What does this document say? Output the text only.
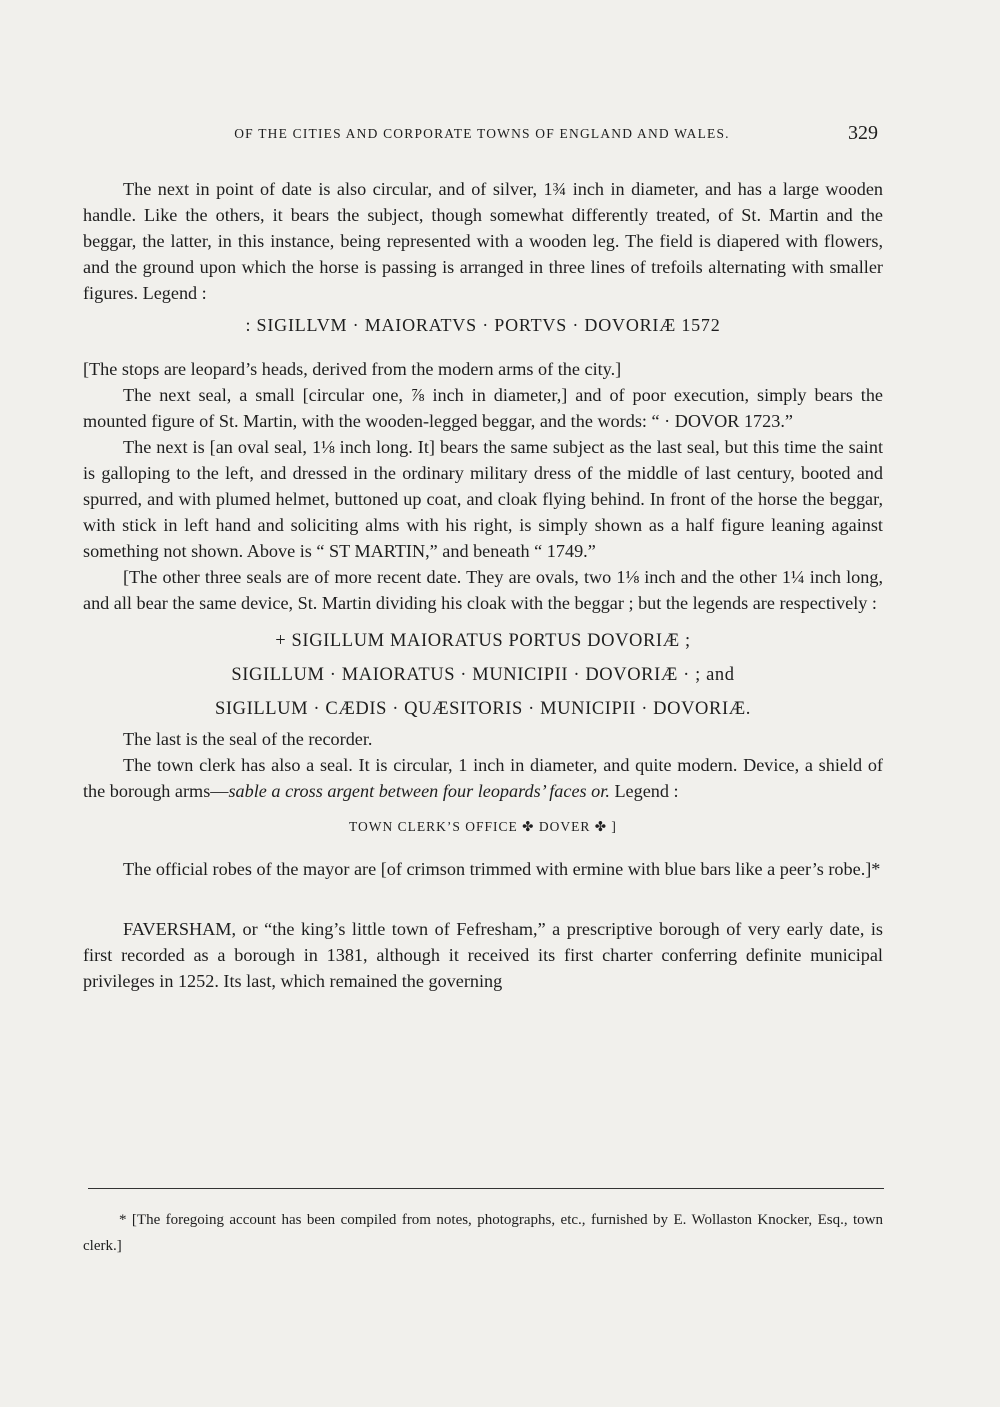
OF THE CITIES AND CORPORATE TOWNS OF ENGLAND AND WALES.	329

The next in point of date is also circular, and of silver, 1¾ inch in diameter, and has a large wooden handle. Like the others, it bears the subject, though somewhat differently treated, of St. Martin and the beggar, the latter, in this instance, being represented with a wooden leg. The field is diapered with flowers, and the ground upon which the horse is passing is arranged in three lines of trefoils alternating with smaller figures. Legend :

: SIGILLVM · MAIORATVS · PORTVS · DOVORIÆ 1572

[The stops are leopard’s heads, derived from the modern arms of the city.]

The next seal, a small [circular one, ⅞ inch in diameter,] and of poor execution, simply bears the mounted figure of St. Martin, with the wooden-legged beggar, and the words: “ · DOVOR 1723.”

The next is [an oval seal, 1⅛ inch long. It] bears the same subject as the last seal, but this time the saint is galloping to the left, and dressed in the ordinary military dress of the middle of last century, booted and spurred, and with plumed helmet, buttoned up coat, and cloak flying behind. In front of the horse the beggar, with stick in left hand and soliciting alms with his right, is simply shown as a half figure leaning against something not shown. Above is “ ST MARTIN,” and beneath “ 1749.”

[The other three seals are of more recent date. They are ovals, two 1⅛ inch and the other 1¼ inch long, and all bear the same device, St. Martin dividing his cloak with the beggar ; but the legends are respectively :

+ SIGILLUM MAIORATUS PORTUS DOVORIÆ ;

SIGILLUM · MAIORATUS · MUNICIPII · DOVORIÆ · ; and

SIGILLUM · CÆDIS · QUÆSITORIS · MUNICIPII · DOVORIÆ.

The last is the seal of the recorder.

The town clerk has also a seal. It is circular, 1 inch in diameter, and quite modern. Device, a shield of the borough arms—sable a cross argent between four leopards’ faces or. Legend :

TOWN CLERK’S OFFICE ✤ DOVER ✤ ]

The official robes of the mayor are [of crimson trimmed with ermine with blue bars like a peer’s robe.]*

FAVERSHAM, or “the king’s little town of Fefresham,” a prescriptive borough of very early date, is first recorded as a borough in 1381, although it received its first charter conferring definite municipal privileges in 1252. Its last, which remained the governing

* [The foregoing account has been compiled from notes, photographs, etc., furnished by E. Wollaston Knocker, Esq., town clerk.]
